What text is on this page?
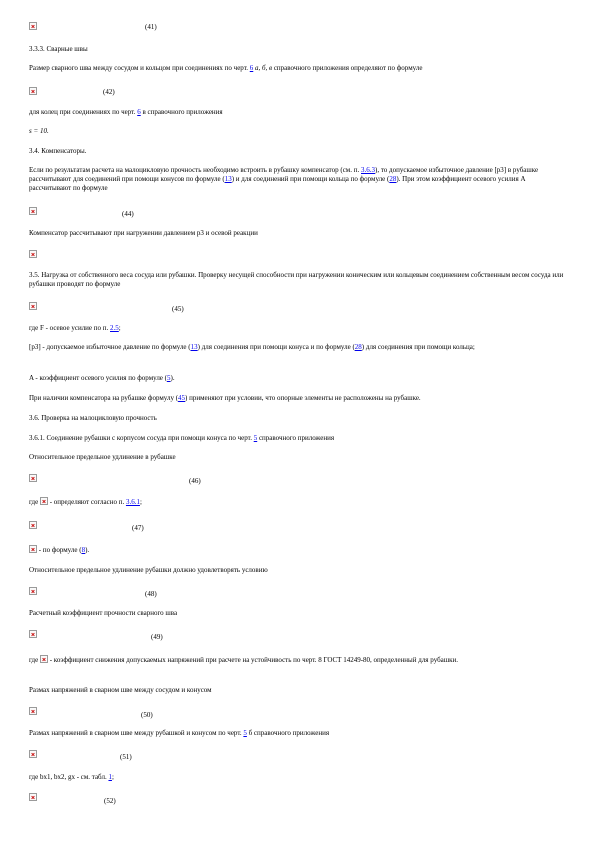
(41)
3.3.3. Сварные швы
Размер сварного шва между сосудом и кольцом при соединениях по черт. 6 а, б, в справочного приложения определяют по формуле
(42)
для колец при соединениях по черт. 6 в справочного приложения
s = 10.
3.4. Компенсаторы.
Если по результатам расчета на малоцикловую прочность необходимо встроить в рубашку компенсатор (см. п. 3.6.3), то допускаемое избыточное давление [p3] в рубашке рассчитывают для соединений при помощи конусов по формуле (13) и для соединений при помощи кольца по формуле (28). При этом коэффициент осевого усилия A рассчитывают по формуле
(44)
Компенсатор рассчитывают при нагружении давлением p3 и осевой реакции
3.5. Нагрузка от собственного веса сосуда или рубашки. Проверку несущей способности при нагружении коническим или кольцевым соединением собственным весом сосуда или рубашки проводят по формуле
(45)
где F - осевое усилие по п. 2.5;
[p3] - допускаемое избыточное давление по формуле (13) для соединения при помощи конуса и по формуле (28) для соединения при помощи кольца;
A - коэффициент осевого усилия по формуле (5).
При наличии компенсатора на рубашке формулу (45) применяют при условии, что опорные элементы не расположены на рубашке.
3.6. Проверка на малоцикловую прочность
3.6.1. Соединение рубашки с корпусом сосуда при помощи конуса по черт. 5 справочного приложения
Относительное предельное удлинение в рубашке
(46)
где  - определяют согласно п. 3.6.1;
(47)
- по формуле (8).
Относительное предельное удлинение рубашки должно удовлетворять условию
(48)
Расчетный коэффициент прочности сварного шва
(49)
где  - коэффициент снижения допускаемых напряжений при расчете на устойчивость по черт. 8 ГОСТ 14249-80, определенный для рубашки.
Размах напряжений в сварном шве между сосудом и конусом
(50)
Размах напряжений в сварном шве между рубашкой и конусом по черт. 5 б справочного приложения
(51)
где bx1, bx2, gx - см. табл. 1;
(52)
